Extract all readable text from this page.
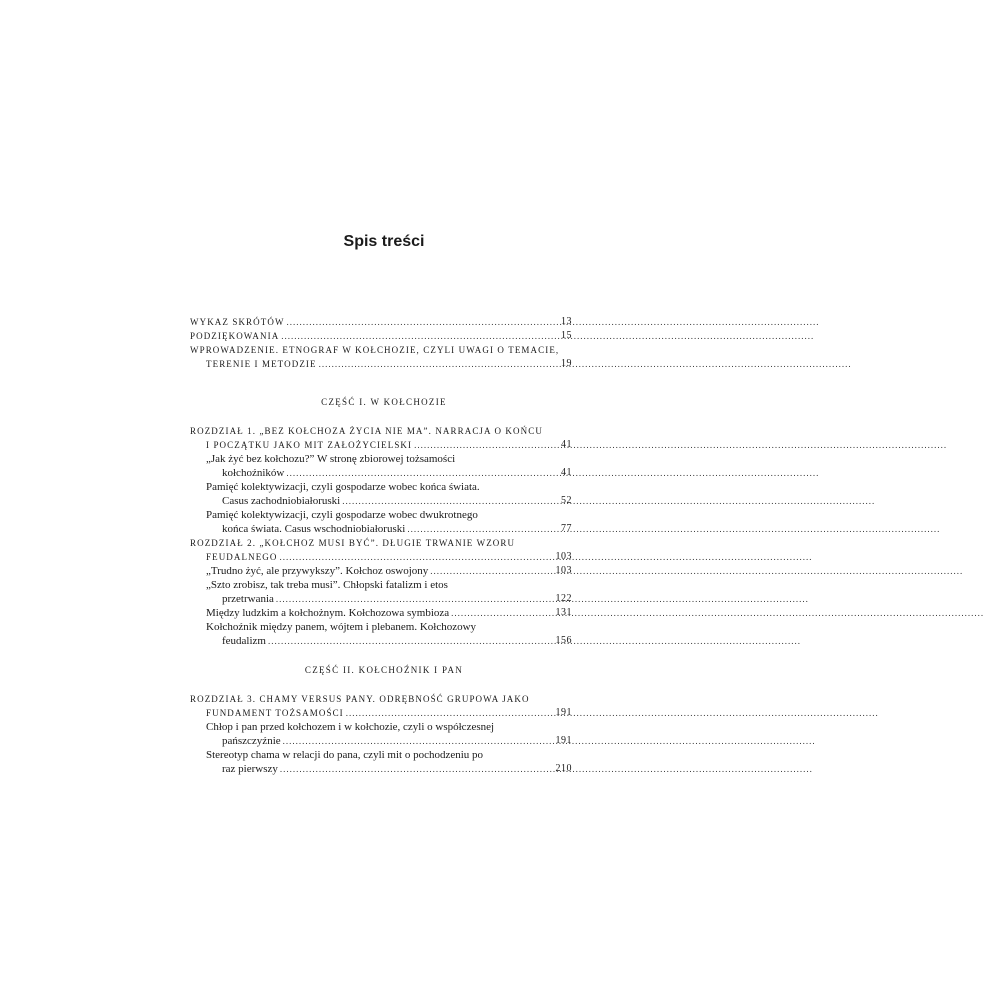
Spis treści
WYKAZ SKRÓTÓW .....	13
PODZIĘKOWANIA .....	15
WPROWADZENIE. ETNOGRAF W KOŁCHOZIE, CZYLI UWAGI O TEMACIE,
TERENIE I METODZIE .....	19
CZĘŚĆ I. W KOŁCHOZIE
ROZDZIAŁ 1. „BEZ KOŁCHOZA ŻYCIA NIE MA”. NARRACJA O KOŃCU
I POCZĄTKU JAKO MIT ZAŁOŻYCIELSKI .....	41
„Jak żyć bez kołchozu?” W stronę zbiorowej tożsamości
kołchoźników .....	41
Pamięć kolektywizacji, czyli gospodarze wobec końca świata.
Casus zachodniobiałoruski .....	52
Pamięć kolektywizacji, czyli gospodarze wobec dwukrotnego
końca świata. Casus wschodniobiałoruski .....	77
ROZDZIAŁ 2. „KOŁCHOZ MUSI BYĆ”. DŁUGIE TRWANIE WZORU
FEUDALNEGO .....	103
„Trudno żyć, ale przywykszy”. Kołchoz oswojony .....	103
„Szto zrobisz, tak treba musi”. Chłopski fatalizm i etos
przetrwania .....	122
Między ludzkim a kołchożnym. Kołchozowa symbioza .....	131
Kołchoźnik między panem, wójtem i plebanem. Kołchozowy
feudalizm .....	156
CZĘŚĆ II. KOŁCHOŹNIK I PAN
ROZDZIAŁ 3. CHAMY VERSUS PANY. ODRĘBNOŚĆ GRUPOWA JAKO
FUNDAMENT TOŻSAMOŚCI .....	191
Chłop i pan przed kołchozem i w kołchozie, czyli o współczesnej
pańszczyźnie .....	191
Stereotyp chama w relacji do pana, czyli mit o pochodzeniu po
raz pierwszy .....	210
